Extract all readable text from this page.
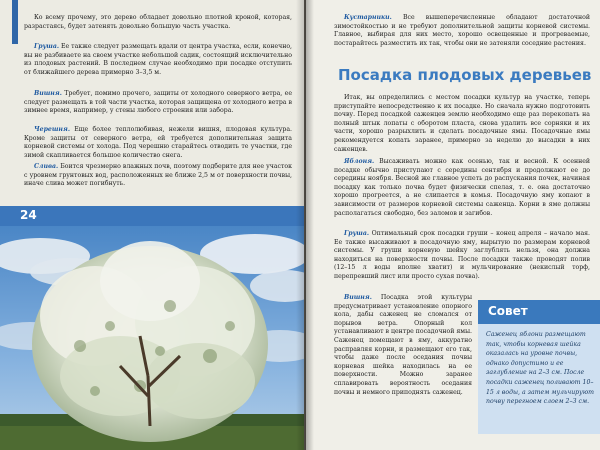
Ко всему прочему, это дерево обладает довольно плотной кроной, которая, разрастаясь, будет затенять довольно большую часть участка.

Груша. Ее также следует размещать вдали от центра участка, если, конечно, вы не разбиваете на своем участке небольшой садик, состоящий исключительно из плодовых растений. В последнем случае необходимо при посадке отступить от ближайшего дерева примерно 3–3,5 м.

Вишня. Требует, помимо прочего, защиты от холодного северного ветра, ее следует размещать в той части участка, которая защищена от холодного ветра в зимнее время, например, у стены любого строения или забора.

Черешня. Еще более теплолюбивая, нежели вишня, плодовая культура. Кроме защиты от северного ветра, ей требуется дополнительная защита корневой системы от холода. Под черешню старайтесь отводить те участки, где зимой скапливается большое количество снега.

Слива. Боится чрезмерно влажных почв, поэтому подберите для нее участок с уровнем грунтовых вод, расположенных не ближе 2,5 м от поверхности почвы, иначе слива может погибнуть.

24

Кустарники. Все вышеперечисленные обладают достаточной зимостойкостью и не требуют дополнительной защиты корневой системы. Главное, выбирая для них место, хорошо освещенные и прогреваемые, постарайтесь разместить их так, чтобы они не затеняли соседние растения.

Итак, вы определились с местом посадки культур на участке, теперь приступайте непосредственно к их посадке. Но сначала нужно подготовить почву. Перед посадкой саженцев землю необходимо еще раз перекопать на полный штык лопаты с оборотом пласта, снова удалить все сорняки и их части, хорошо разрыхлить и сделать посадочные ямы. Посадочные ямы рекомендуется копать заранее, примерно за неделю до высадки в них саженцев.

Яблоня. Высаживать можно как осенью, так и весной. К осенней посадке обычно приступают с середины сентября и продолжают ее до середины ноября. Весной же главное успеть до распускания почек, начиная посадку как только почва будет физически спелая, т. е. она достаточно хорошо прогреется, а не слипается в комья. Посадочную яму копают в зависимости от размеров корневой системы саженца. Корни в яме должны располагаться свободно, без заломов и загибов.

Груша. Оптимальный срок посадки груши – конец апреля – начало мая. Ее также высаживают в посадочную яму, вырытую по размерам корневой системы. У груши корневую шейку заглублять нельзя, она должна находиться на поверхности почвы. После посадки также проводят полив (12–15 л воды вполне хватит) и мульчирование (некислый торф, перепревший лист или просто сухая почва).

Вишня. Посадка этой культуры предусматривает установление опорного кола, дабы саженец не сломался от порывов ветра. Опорный кол устанавливают в центре посадочной ямы. Саженец помещают в яму, аккуратно расправляя корни, и размещают его так, чтобы даже после оседания почвы корневая шейка находилась на ее поверхности. Можно заранее сплавировать вероятность оседания почвы и немного приподнять саженец.

Посадка плодовых деревьев
Совет

Саженец яблони размещают так, чтобы корневая шейка оказалась на уровне почвы, однако допустимо и ее заглубление на 2–3 см. После посадки саженец поливают 10–15 л воды, а затем мульчируют почву перегноем слоем 2–3 см.
